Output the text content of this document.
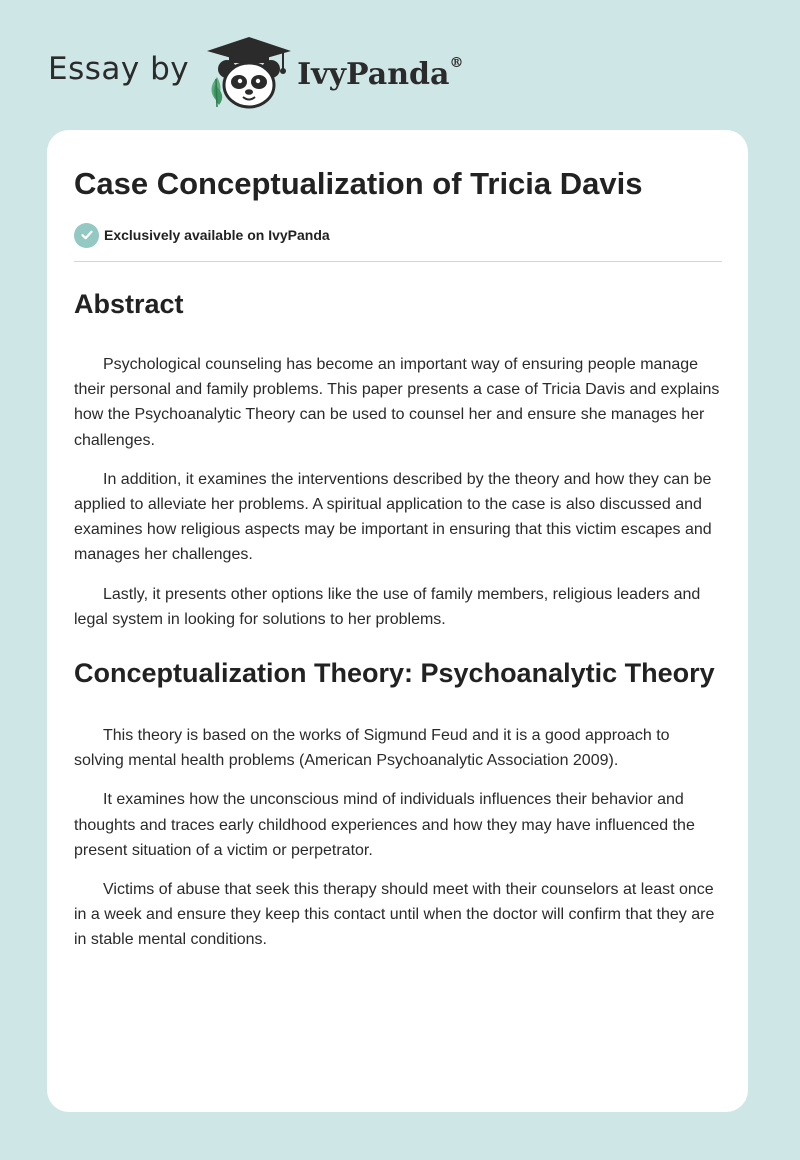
Essay by	IvyPanda®
Case Conceptualization of Tricia Davis
Exclusively available on IvyPanda
Abstract

Psychological counseling has become an important way of ensuring people manage their personal and family problems. This paper presents a case of Tricia Davis and explains how the Psychoanalytic Theory can be used to counsel her and ensure she manages her challenges.

In addition, it examines the interventions described by the theory and how they can be applied to alleviate her problems. A spiritual application to the case is also discussed and examines how religious aspects may be important in ensuring that this victim escapes and manages her challenges.

Lastly, it presents other options like the use of family members, religious leaders and legal system in looking for solutions to her problems.

Conceptualization Theory: Psychoanalytic Theory

This theory is based on the works of Sigmund Feud and it is a good approach to solving mental health problems (American Psychoanalytic Association 2009).

It examines how the unconscious mind of individuals influences their behavior and thoughts and traces early childhood experiences and how they may have influenced the present situation of a victim or perpetrator.

Victims of abuse that seek this therapy should meet with their counselors at least once in a week and ensure they keep this contact until when the doctor will confirm that they are in stable mental conditions.
